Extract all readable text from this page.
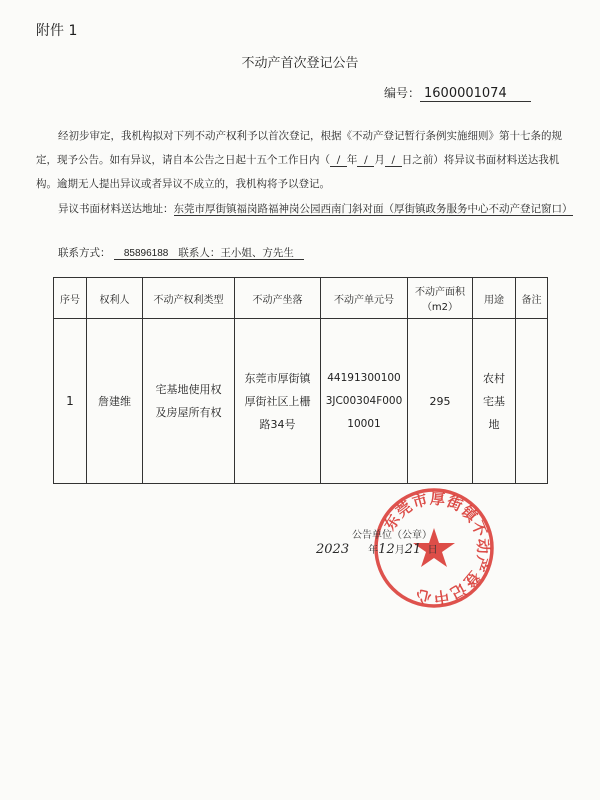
附件 1
不动产首次登记公告
编号： 1600001074
经初步审定，我机构拟对下列不动产权利予以首次登记，根据《不动产登记暂行条例实施细则》第十七条的规定，现予公告。如有异议，请自本公告之日起十五个工作日内（ / 年 / 月 / 日之前）将异议书面材料送达我机构。逾期无人提出异议或者异议不成立的，我机构将予以登记。
异议书面材料送达地址：东莞市厚街镇福岗路福神岗公园西南门斜对面（厚街镇政务服务中心不动产登记窗口）
联系方式： 85896188 联系人：王小姐、方先生
序号	权利人	不动产权利类型	不动产坐落	不动产单元号	不动产面积（m2）	用途	备注
1	詹建维	宅基地使用权及房屋所有权	东莞市厚街镇厚街社区上栅路34号	441913001003JC00304F00010001	295	农村宅基地	
东莞市厚街镇不动产登记中心
公告单位（公章）
2023 年12月21 日
